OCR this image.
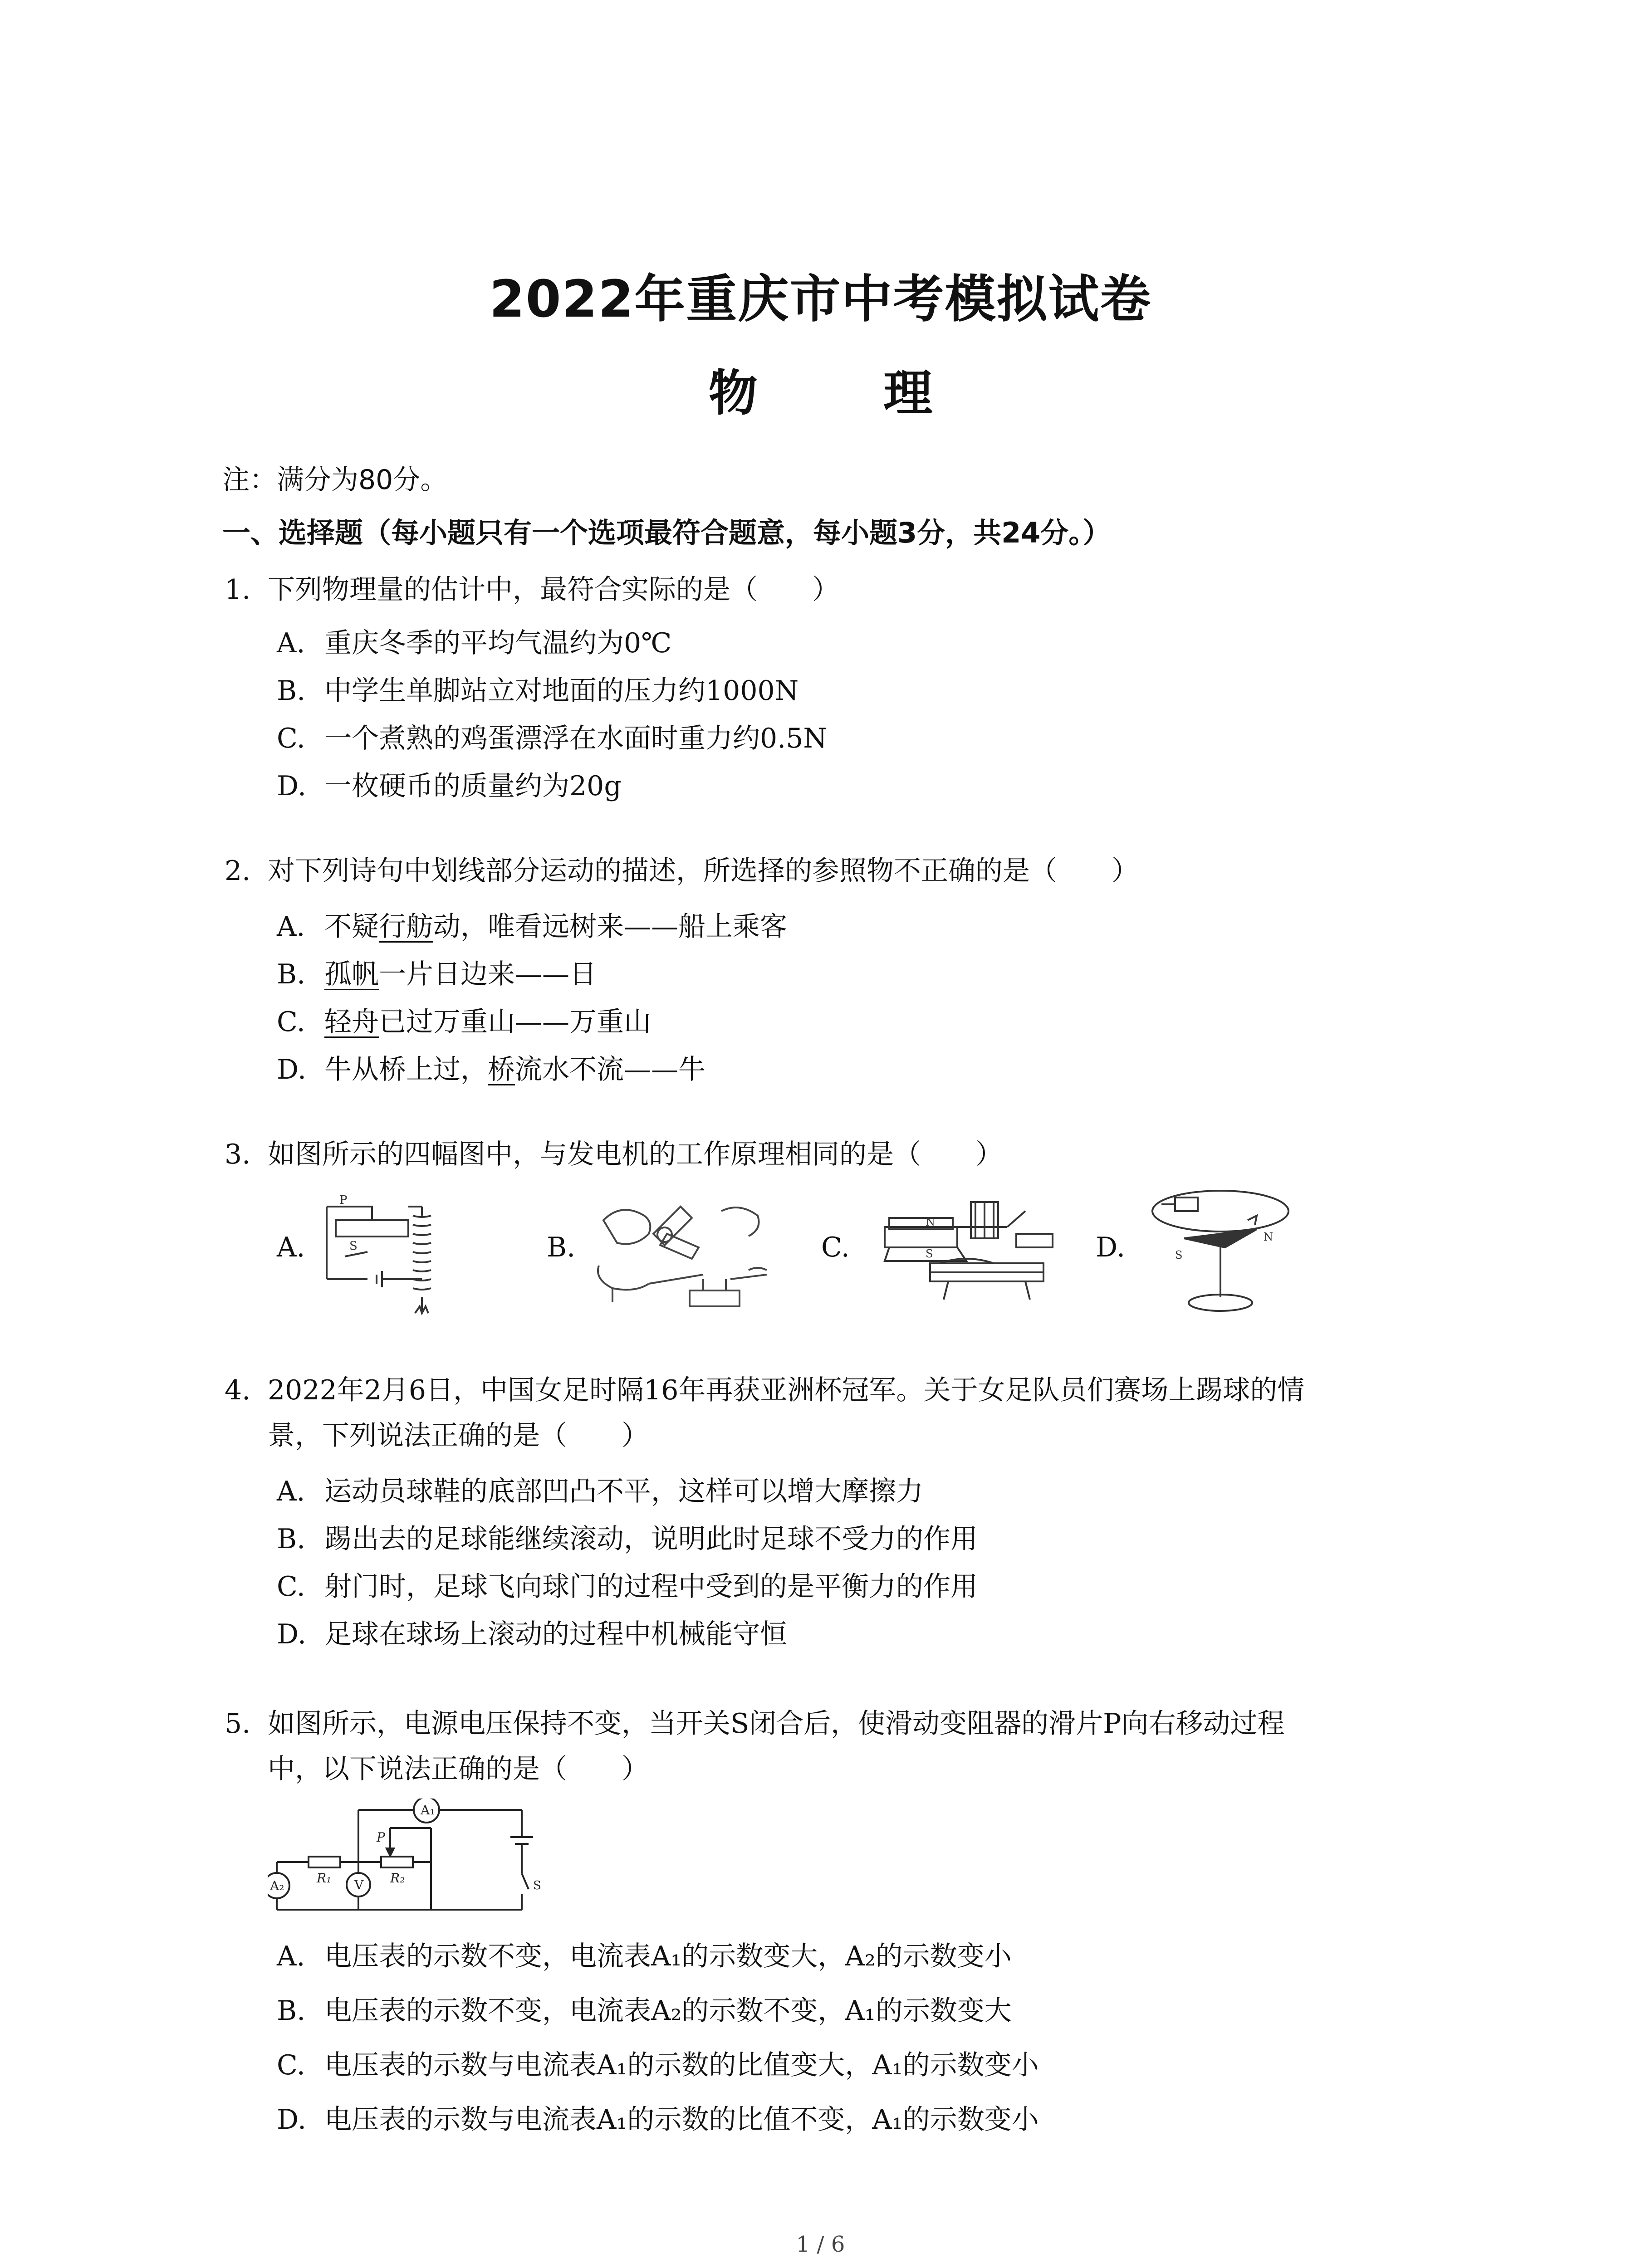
2022年重庆市中考模拟试卷
物 理
注：满分为80分。
一、选择题（每小题只有一个选项最符合题意，每小题3分，共24分。）
1. 下列物理量的估计中，最符合实际的是（　　）
A. 重庆冬季的平均气温约为0℃
B. 中学生单脚站立对地面的压力约1000N
C. 一个煮熟的鸡蛋漂浮在水面时重力约0.5N
D. 一枚硬币的质量约为20g
2. 对下列诗句中划线部分运动的描述，所选择的参照物不正确的是（　　）
A. 不疑行舫动，唯看远树来——船上乘客
B. 孤帆一片日边来——日
C. 轻舟已过万重山——万重山
D. 牛从桥上过，桥流水不流——牛
3. 如图所示的四幅图中，与发电机的工作原理相同的是（　　）
A.	B.	C.	D.
P
S
N
S	S
N
4. 2022年2月6日，中国女足时隔16年再获亚洲杯冠军。关于女足队员们赛场上踢球的情
景，下列说法正确的是（　　）
A. 运动员球鞋的底部凹凸不平，这样可以增大摩擦力
B. 踢出去的足球能继续滚动，说明此时足球不受力的作用
C. 射门时，足球飞向球门的过程中受到的是平衡力的作用
D. 足球在球场上滚动的过程中机械能守恒
5. 如图所示，电源电压保持不变，当开关S闭合后，使滑动变阻器的滑片P向右移动过程
中，以下说法正确的是（　　）
A₁
A₂	V
R₁	R₂
P
S
A. 电压表的示数不变，电流表A₁的示数变大，A₂的示数变小
B. 电压表的示数不变，电流表A₂的示数不变，A₁的示数变大
C. 电压表的示数与电流表A₁的示数的比值变大，A₁的示数变小
D. 电压表的示数与电流表A₁的示数的比值不变，A₁的示数变小
1 / 6
